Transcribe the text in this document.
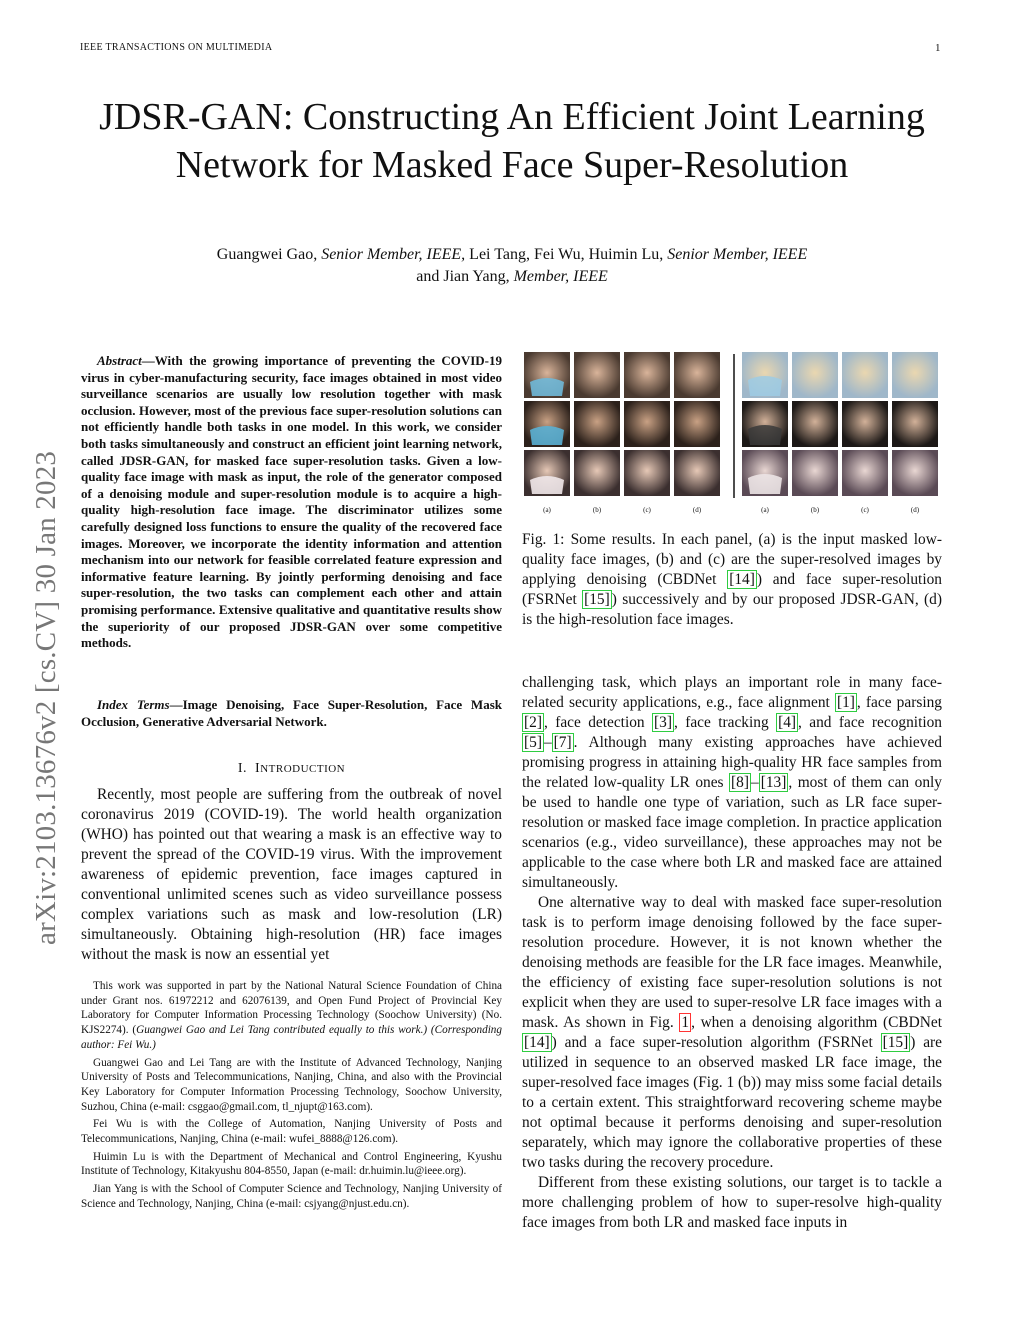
IEEE TRANSACTIONS ON MULTIMEDIA	1
JDSR-GAN: Constructing An Efficient Joint Learning Network for Masked Face Super-Resolution
Guangwei Gao, Senior Member, IEEE, Lei Tang, Fei Wu, Huimin Lu, Senior Member, IEEE
and Jian Yang, Member, IEEE
arXiv:2103.13676v2 [cs.CV] 30 Jan 2023

Abstract—With the growing importance of preventing the COVID-19 virus in cyber-manufacturing security, face images obtained in most video surveillance scenarios are usually low resolution together with mask occlusion. However, most of the previous face super-resolution solutions can not efficiently handle both tasks in one model. In this work, we consider both tasks simultaneously and construct an efficient joint learning network, called JDSR-GAN, for masked face super-resolution tasks. Given a low-quality face image with mask as input, the role of the generator composed of a denoising module and super-resolution module is to acquire a high-quality high-resolution face image. The discriminator utilizes some carefully designed loss functions to ensure the quality of the recovered face images. Moreover, we incorporate the identity information and attention mechanism into our network for feasible correlated feature expression and informative feature learning. By jointly performing denoising and face super-resolution, the two tasks can complement each other and attain promising performance. Extensive qualitative and quantitative results show the superiority of our proposed JDSR-GAN over some competitive methods.

Index Terms—Image Denoising, Face Super-Resolution, Face Mask Occlusion, Generative Adversarial Network.

I. INTRODUCTION

Recently, most people are suffering from the outbreak of novel coronavirus 2019 (COVID-19). The world health organization (WHO) has pointed out that wearing a mask is an effective way to prevent the spread of the COVID-19 virus. With the improvement awareness of epidemic prevention, face images captured in conventional unlimited scenes such as video surveillance possess complex variations such as mask and low-resolution (LR) simultaneously. Obtaining high-resolution (HR) face images without the mask is now an essential yet

This work was supported in part by the National Natural Science Foundation of China under Grant nos. 61972212 and 62076139, and Open Fund Project of Provincial Key Laboratory for Computer Information Processing Technology (Soochow University) (No. KJS2274). (Guangwei Gao and Lei Tang contributed equally to this work.) (Corresponding author: Fei Wu.)

Guangwei Gao and Lei Tang are with the Institute of Advanced Technology, Nanjing University of Posts and Telecommunications, Nanjing, China, and also with the Provincial Key Laboratory for Computer Information Processing Technology, Soochow University, Suzhou, China (e-mail: csggao@gmail.com, tl_njupt@163.com).

Fei Wu is with the College of Automation, Nanjing University of Posts and Telecommunications, Nanjing, China (e-mail: wufei_8888@126.com).

Huimin Lu is with the Department of Mechanical and Control Engineering, Kyushu Institute of Technology, Kitakyushu 804-8550, Japan (e-mail: dr.huimin.lu@ieee.org).

Jian Yang is with the School of Computer Science and Technology, Nanjing University of Science and Technology, Nanjing, China (e-mail: csjyang@njust.edu.cn).

(a)	(b)	(c)	(d)	(a)	(b)	(c)	(d)

Fig. 1: Some results. In each panel, (a) is the input masked low-quality face images, (b) and (c) are the super-resolved images by applying denoising (CBDNet [14] ) and face super-resolution (FSRNet [15] ) successively and by our proposed JDSR-GAN, (d) is the high-resolution face images.

challenging task, which plays an important role in many face-related security applications, e.g., face alignment [1] , face parsing [2] , face detection [3] , face tracking [4] , and face recognition [5] – [7] . Although many existing approaches have achieved promising progress in attaining high-quality HR face samples from the related low-quality LR ones [8] – [13] , most of them can only be used to handle one type of variation, such as LR face super-resolution or masked face image completion. In practice application scenarios (e.g., video surveillance), these approaches may not be applicable to the case where both LR and masked face are attained simultaneously.

One alternative way to deal with masked face super-resolution task is to perform image denoising followed by the face super-resolution procedure. However, it is not known whether the denoising methods are feasible for the LR face images. Meanwhile, the efficiency of existing face super-resolution solutions is not explicit when they are used to super-resolve LR face images with a mask. As shown in Fig. 1 , when a denoising algorithm (CBDNet [14] ) and a face super-resolution algorithm (FSRNet [15] ) are utilized in sequence to an observed masked LR face image, the super-resolved face images (Fig. 1 (b)) may miss some facial details to a certain extent. This straightforward recovering scheme maybe not optimal because it performs denoising and super-resolution separately, which may ignore the collaborative properties of these two tasks during the recovery procedure.

Different from these existing solutions, our target is to tackle a more challenging problem of how to super-resolve high-quality face images from both LR and masked face inputs in
